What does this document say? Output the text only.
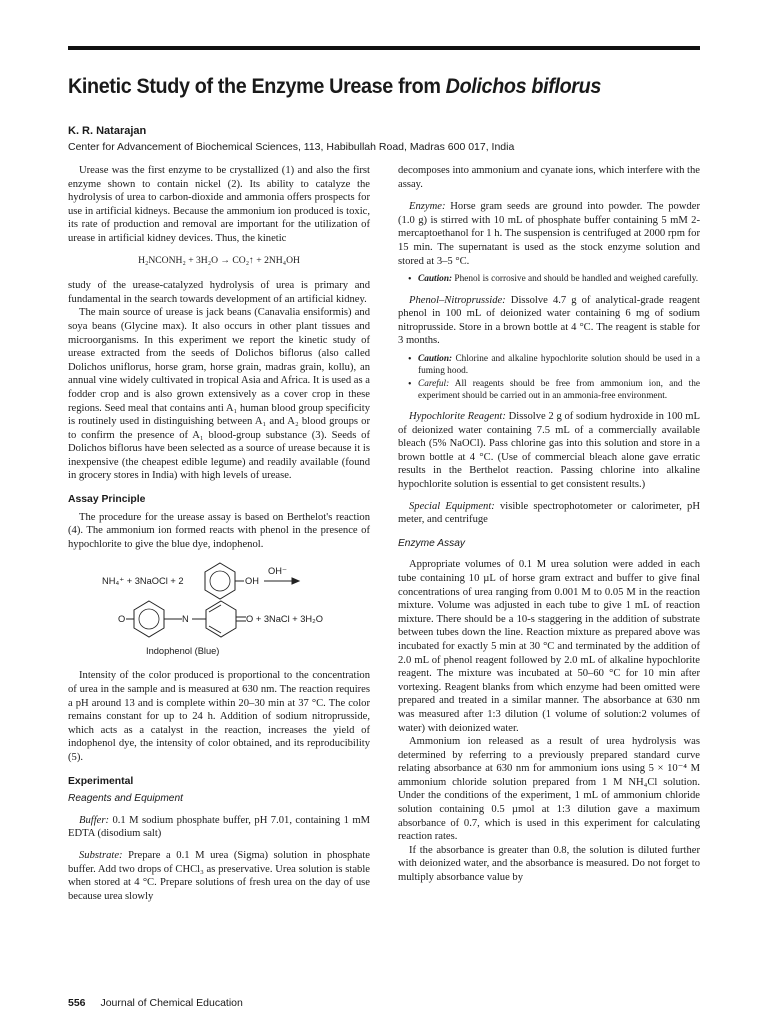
Kinetic Study of the Enzyme Urease from Dolichos biflorus
K. R. Natarajan
Center for Advancement of Biochemical Sciences, 113, Habibullah Road, Madras 600 017, India

Urease was the first enzyme to be crystallized (1) and also the first enzyme shown to contain nickel (2). Its ability to catalyze the hydrolysis of urea to carbon-dioxide and ammonia offers prospects for use in artificial kidneys. Because the ammonium ion produced is toxic, its rate of production and removal are important for the utilization of urease in artificial kidney devices. Thus, the kinetic

H₂NCONH₂ + 3H₂O → CO₂↑ + 2NH₄OH

study of the urease-catalyzed hydrolysis of urea is primary and fundamental in the search towards development of an artificial kidney.

The main source of urease is jack beans (Canavalia ensiformis) and soya beans (Glycine max). It also occurs in other plant tissues and microorganisms. In this experiment we report the kinetic study of urease extracted from the seeds of Dolichos biflorus (also called Dolichos uniflorus, horse gram, horse grain, madras grain, kollu), an annual vine widely cultivated in tropical Asia and Africa. It is used as a fodder crop and is also grown extensively as a cover crop in these regions. Seed meal that contains anti A₁ human blood group specificity is routinely used in distinguishing between A₁ and A₂ blood groups or to confirm the presence of A₁ blood-group substance (3). Seeds of Dolichos biflorus have been selected as a source of urease because it is inexpensive (the cheapest edible legume) and readily available (found in grocery stores in India) with high levels of urease.

Assay Principle

The procedure for the urease assay is based on Berthelot's reaction (4). The ammonium ion formed reacts with phenol in the presence of hypochlorite to give the blue dye, indophenol.

NH₄⁺ + 3NaOCl + 2	OH
OH⁻
O	N	O + 3NaCl + 3H₂O
Indophenol (Blue)

Intensity of the color produced is proportional to the concentration of urea in the sample and is measured at 630 nm. The reaction requires a pH around 13 and is complete within 20–30 min at 37 °C. The color remains constant for up to 24 h. Addition of sodium nitroprusside, which acts as a catalyst in the reaction, increases the yield of indophenol dye, the intensity of color obtained, and its reproducibility (5).

Experimental
Reagents and Equipment

Buffer: 0.1 M sodium phosphate buffer, pH 7.01, containing 1 mM EDTA (disodium salt)

Substrate: Prepare a 0.1 M urea (Sigma) solution in phosphate buffer. Add two drops of CHCl₃ as preservative. Urea solution is stable when stored at 4 °C. Prepare solutions of fresh urea on the day of use because urea slowly

decomposes into ammonium and cyanate ions, which interfere with the assay.

Enzyme: Horse gram seeds are ground into powder. The powder (1.0 g) is stirred with 10 mL of phosphate buffer containing 5 mM 2-mercaptoethanol for 1 h. The suspension is centrifuged at 2000 rpm for 15 min. The supernatant is used as the stock enzyme solution and stored at 3–5 °C.

• Caution: Phenol is corrosive and should be handled and weighed carefully.

Phenol–Nitroprusside: Dissolve 4.7 g of analytical-grade reagent phenol in 100 mL of deionized water containing 6 mg of sodium nitroprusside. Store in a brown bottle at 4 °C. The reagent is stable for 3 months.

• Caution: Chlorine and alkaline hypochlorite solution should be used in a fuming hood.
• Careful: All reagents should be free from ammonium ion, and the experiment should be carried out in an ammonia-free environment.

Hypochlorite Reagent: Dissolve 2 g of sodium hydroxide in 100 mL of deionized water containing 7.5 mL of a commercially available bleach (5% NaOCl). Pass chlorine gas into this solution and store in a brown bottle at 4 °C. (Use of commercial bleach alone gave erratic results in the Berthelot reaction. Passing chlorine into alkaline hypochlorite solution is essential to get consistent results.)

Special Equipment: visible spectrophotometer or calorimeter, pH meter, and centrifuge

Enzyme Assay

Appropriate volumes of 0.1 M urea solution were added in each tube containing 10 µL of horse gram extract and buffer to give final concentrations of urea ranging from 0.001 M to 0.05 M in the reaction mixture. Volume was adjusted in each tube to give 1 mL of reaction mixture. There should be a 10-s staggering in the addition of substrate between tubes down the line. Reaction mixture as prepared above was incubated for exactly 5 min at 30 °C and terminated by the addition of 2.0 mL of phenol reagent followed by 2.0 mL of alkaline hypochlorite reagent. The mixture was incubated at 50–60 °C for 10 min after vortexing. Reagent blanks from which enzyme had been omitted were prepared and treated in a similar manner. The absorbance at 630 nm was measured after 1:3 dilution (1 volume of solution:2 volumes of water) with deionized water.

Ammonium ion released as a result of urea hydrolysis was determined by referring to a previously prepared standard curve relating absorbance at 630 nm for ammonium ions using 5 × 10⁻⁴ M ammonium chloride solution prepared from 1 M NH₄Cl solution. Under the conditions of the experiment, 1 mL of ammonium chloride solution containing 0.5 µmol at 1:3 dilution gave a maximum absorbance of 0.7, which is used in this experiment for calculating reaction rates.

If the absorbance is greater than 0.8, the solution is diluted further with deionized water, and the absorbance is measured. Do not forget to multiply absorbance value by

556 Journal of Chemical Education
